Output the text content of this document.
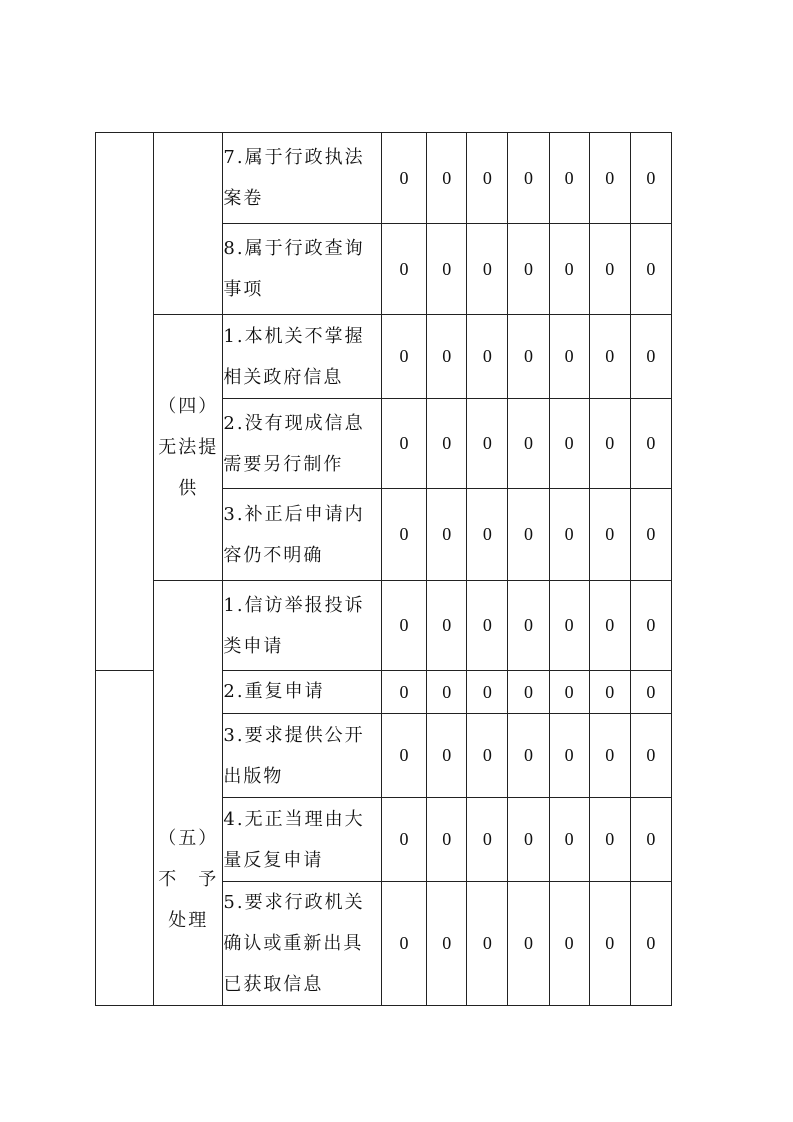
		7.属于行政执法案卷	0	0	0	0	0	0	0
		8.属于行政查询事项	0	0	0	0	0	0	0
	（四）无法提供	1.本机关不掌握相关政府信息	0	0	0	0	0	0	0
		2.没有现成信息需要另行制作	0	0	0	0	0	0	0
		3.补正后申请内容仍不明确	0	0	0	0	0	0	0
	（五）不　予处理	1.信访举报投诉类申请	0	0	0	0	0	0	0
		2.重复申请	0	0	0	0	0	0	0
		3.要求提供公开出版物	0	0	0	0	0	0	0
		4.无正当理由大量反复申请	0	0	0	0	0	0	0
		5.要求行政机关确认或重新出具已获取信息	0	0	0	0	0	0	0
